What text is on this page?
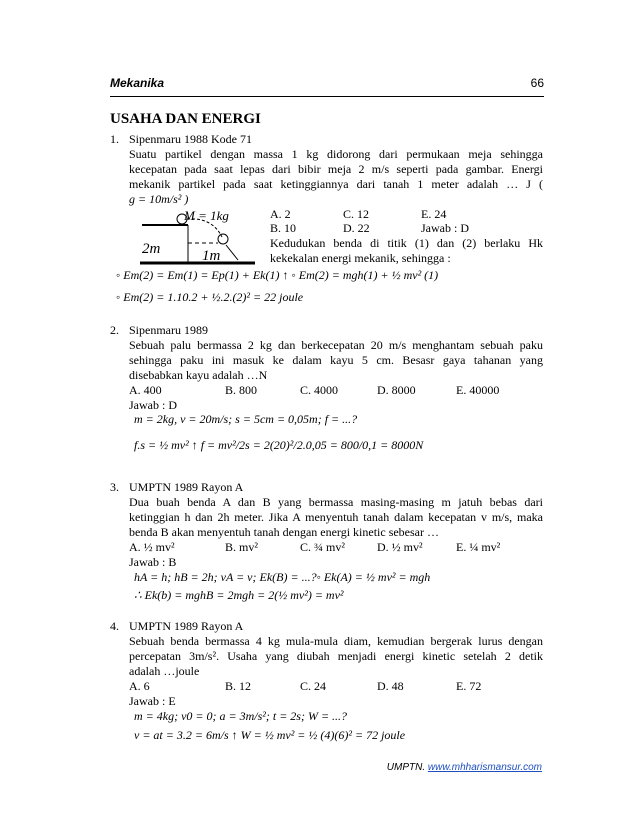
Mekanika	66
USAHA DAN ENERGI
1. Sipenmaru 1988 Kode 71
Suatu partikel dengan massa 1 kg didorong dari permukaan meja sehingga
kecepatan pada saat lepas dari bibir meja 2 m/s seperti pada gambar. Energi
mekanik partikel pada saat ketinggiannya dari tanah 1 meter adalah … J (
g = 10m/s² )
M = 1kg
2m	1m
A. 2
B. 10
C. 12
D. 22
E. 24
Jawab : D
Kedudukan benda di titik (1) dan (2) berlaku Hk
kekekalan energi mekanik, sehingga :
◦ Em(2) = Em(1) = Ep(1) + Ek(1) ↑ ◦ Em(2) = mgh(1) + ½ mv² (1)
◦ Em(2) = 1.10.2 + ½.2.(2)² = 22 joule
2. Sipenmaru 1989
Sebuah palu bermassa 2 kg dan berkecepatan 20 m/s menghantam sebuah paku
sehingga paku ini masuk ke dalam kayu 5 cm. Besasr gaya tahanan yang
disebabkan kayu adalah …N
A. 400	B. 800	C. 4000	D. 8000	E. 40000
Jawab : D
m = 2kg, v = 20m/s; s = 5cm = 0,05m; f = ...?
f.s = ½ mv² ↑ f = mv²/2s = 2(20)²/2.0,05 = 800/0,1 = 8000N
3. UMPTN 1989 Rayon A
Dua buah benda A dan B yang bermassa masing-masing m jatuh bebas dari
ketinggian h dan 2h meter. Jika A menyentuh tanah dalam kecepatan v m/s, maka
benda B akan menyentuh tanah dengan energi kinetic sebesar …
A. ½ mv²	B. mv²	C. ¾ mv²	D. ½ mv²	E. ¼ mv²
Jawab : B
hA = h; hB = 2h; vA = v; Ek(B) = ...?◦ Ek(A) = ½ mv² = mgh
∴ Ek(b) = mghB = 2mgh = 2(½ mv²) = mv²
4. UMPTN 1989 Rayon A
Sebuah benda bermassa 4 kg mula-mula diam, kemudian bergerak lurus dengan
percepatan 3m/s². Usaha yang diubah menjadi energi kinetic setelah 2 detik
adalah …joule
A. 6	B. 12	C. 24	D. 48	E. 72
Jawab : E
m = 4kg; v0 = 0; a = 3m/s²; t = 2s; W = ...?
v = at = 3.2 = 6m/s ↑ W = ½ mv² = ½ (4)(6)² = 72 joule
UMPTN. www.mhharismansur.com
